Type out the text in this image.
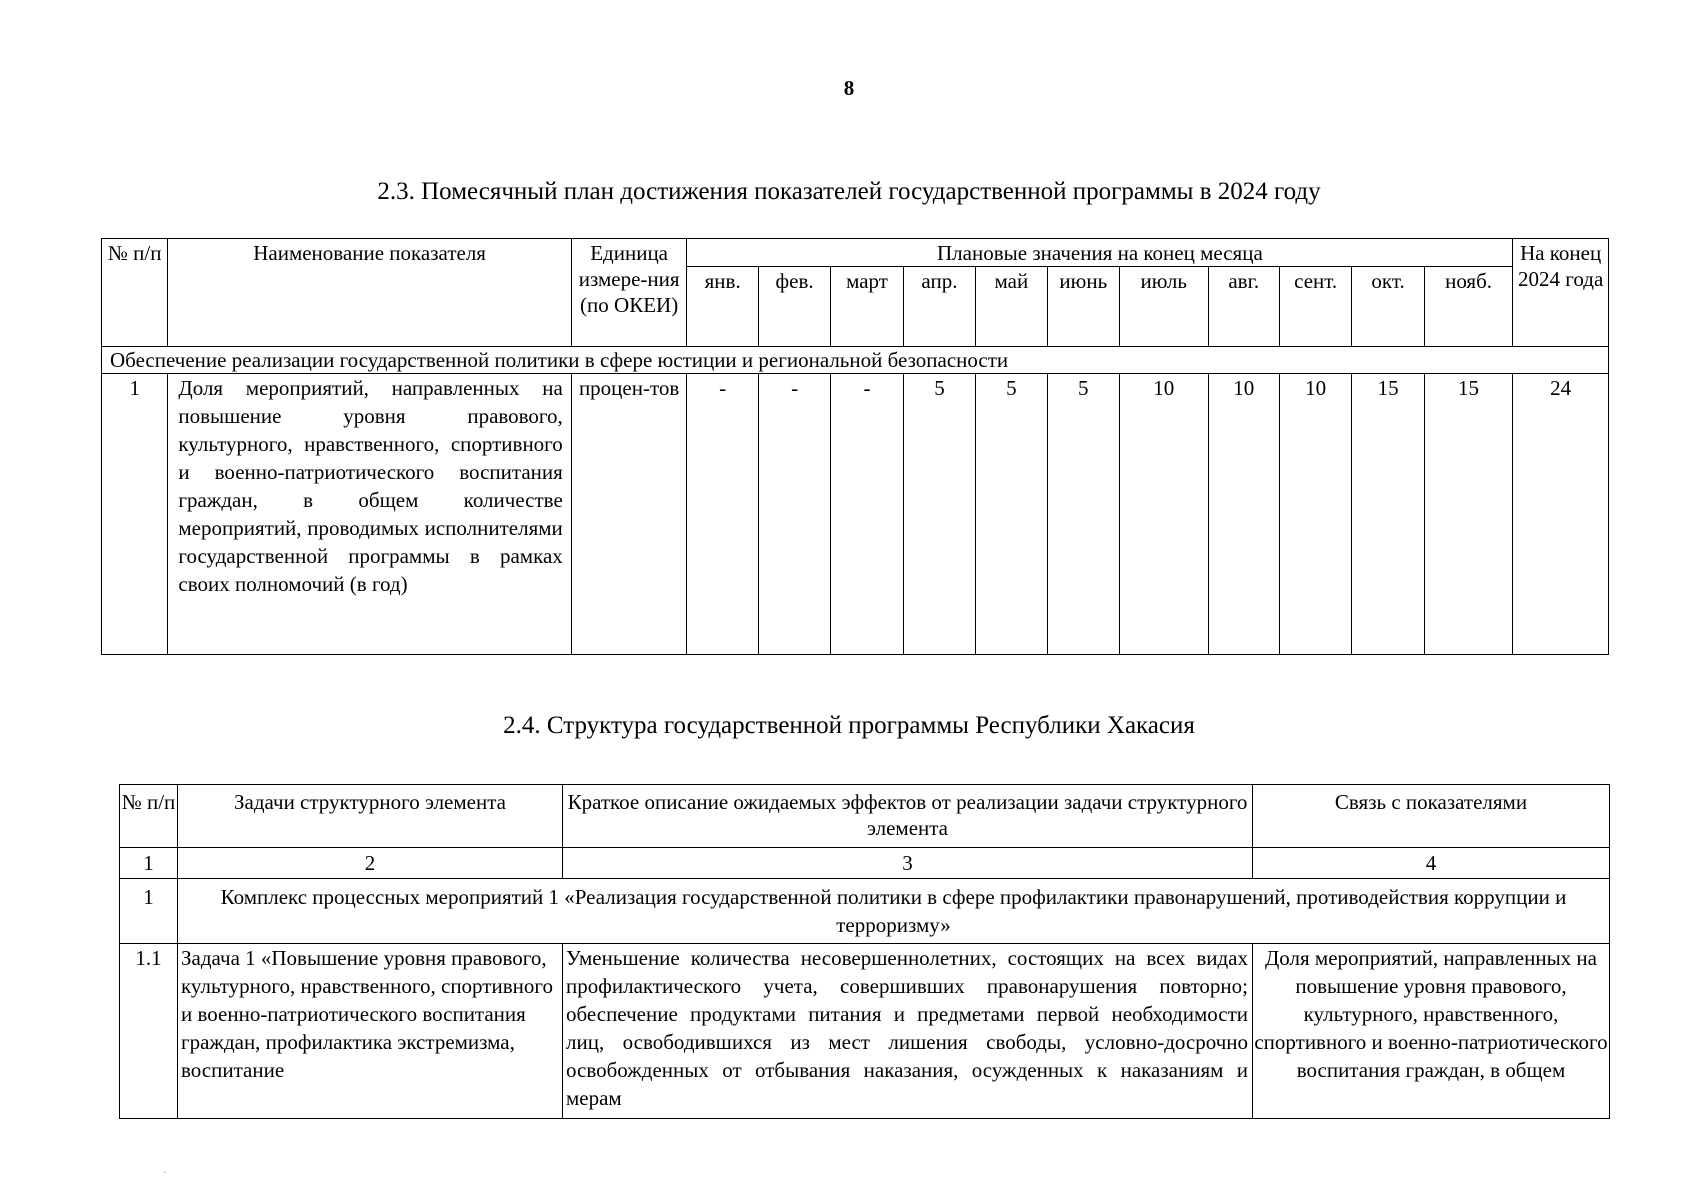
8
2.3. Помесячный план достижения показателей государственной программы в 2024 году
№ п/п	Наименование показателя	Единица измере-ния (по ОКЕИ)	Плановые значения на конец месяца											На конец 2024 года
			янв.	фев.	март	апр.	май	июнь	июль	авг.	сент.	окт.	нояб.	
Обеспечение реализации государственной политики в сфере юстиции и региональной безопасности														
1	Доля мероприятий, направленных на повышение уровня правового, культурного, нравственного, спортивного и военно-патриотического воспитания граждан, в общем количестве мероприятий, проводимых исполнителями государственной программы в рамках своих полномочий (в год)	процен-тов	-	-	-	5	5	5	10	10	10	15	15	24
2.4. Структура государственной программы Республики Хакасия
№ п/п	Задачи структурного элемента	Краткое описание ожидаемых эффектов от реализации задачи структурного элемента	Связь с показателями
1	2	3	4
1	Комплекс процессных мероприятий 1 «Реализация государственной политики в сфере профилактики правонарушений, противодействия коррупции и терроризму»		
1.1	Задача 1 «Повышение уровня правового, культурного, нравственного, спортивного и военно-патриотического воспитания граждан, профилактика экстремизма, воспитание	Уменьшение количества несовершеннолетних, состоящих на всех видах профилактического учета, совершивших правонарушения повторно; обеспечение продуктами питания и предметами первой необходимости лиц, освободившихся из мест лишения свободы, условно-досрочно освобожденных от отбывания наказания, осужденных к наказаниям и мерам	Доля мероприятий, направленных на повышение уровня правового, культурного, нравственного, спортивного и военно-патриотического воспитания граждан, в общем
·
